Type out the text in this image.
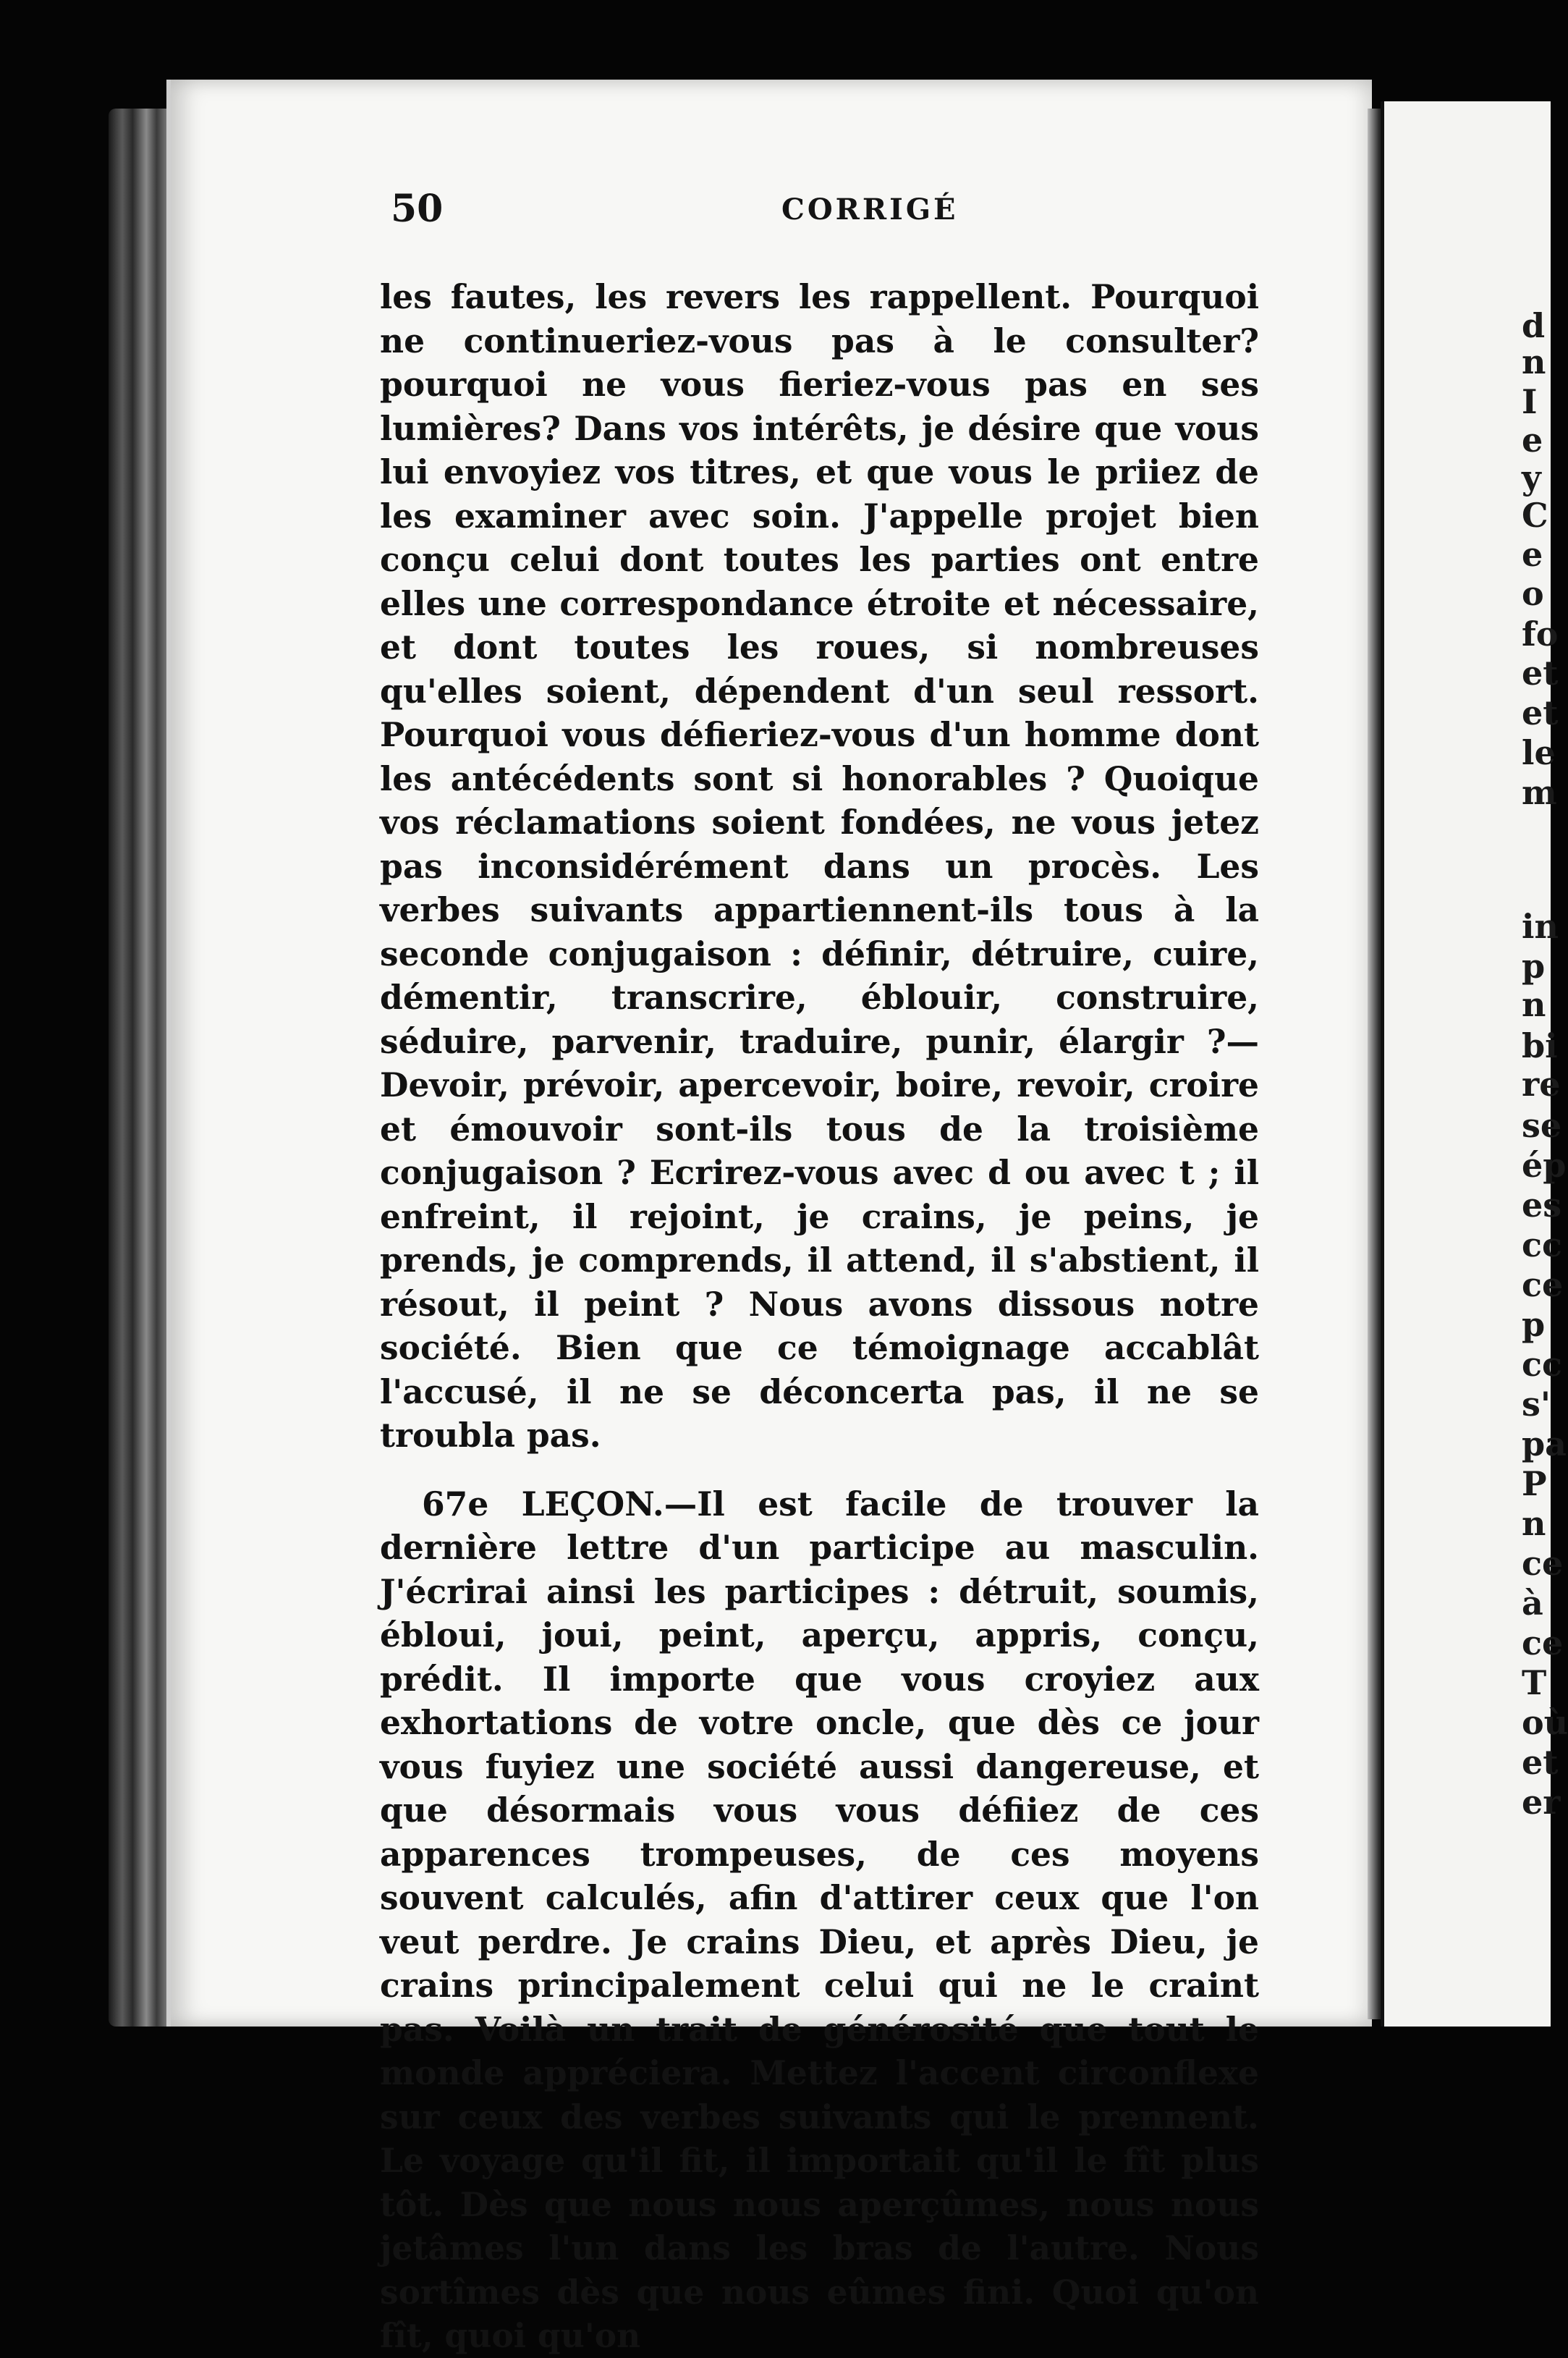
d
n
I
e
y
C
e
o
fo
et
et
le
m
in
p
n
bi
re
se
ép
es
cc
ce
p
cc
s'
pa
P
n
ce
à
ce
T
où
et
er
50	CORRIGÉ

les fautes, les revers les rappellent. Pourquoi ne continueriez-vous pas à le consulter? pourquoi ne vous fieriez-vous pas en ses lumières? Dans vos intérêts, je désire que vous lui envoyiez vos titres, et que vous le priiez de les examiner avec soin. J'appelle projet bien conçu celui dont toutes les parties ont entre elles une correspondance étroite et nécessaire, et dont toutes les roues, si nombreuses qu'elles soient, dépendent d'un seul ressort. Pourquoi vous défieriez-vous d'un homme dont les antécédents sont si honorables ? Quoique vos réclamations soient fondées, ne vous jetez pas inconsidérément dans un procès. Les verbes suivants appartiennent-ils tous à la seconde conjugaison : définir, détruire, cuire, démentir, transcrire, éblouir, construire, séduire, parvenir, traduire, punir, élargir ?—Devoir, prévoir, apercevoir, boire, revoir, croire et émouvoir sont-ils tous de la troisième conjugaison ? Ecrirez-vous avec d ou avec t ; il enfreint, il rejoint, je crains, je peins, je prends, je comprends, il attend, il s'abstient, il résout, il peint ? Nous avons dissous notre société. Bien que ce témoignage accablât l'accusé, il ne se déconcerta pas, il ne se troubla pas.

67e LEÇON.—Il est facile de trouver la dernière lettre d'un participe au masculin. J'écrirai ainsi les participes : détruit, soumis, ébloui, joui, peint, aperçu, appris, conçu, prédit. Il importe que vous croyiez aux exhortations de votre oncle, que dès ce jour vous fuyiez une société aussi dangereuse, et que désormais vous vous défiiez de ces apparences trompeuses, de ces moyens souvent calculés, afin d'attirer ceux que l'on veut perdre. Je crains Dieu, et après Dieu, je crains principalement celui qui ne le craint pas. Voilà un trait de générosité que tout le monde appréciera. Mettez l'accent circonflexe sur ceux des verbes suivants qui le prennent. Le voyage qu'il fit, il importait qu'il le fît plus tôt. Dès que nous nous aperçûmes, nous nous jetâmes l'un dans les bras de l'autre. Nous sortîmes dès que nous eûmes fini. Quoi qu'on fît, quoi qu'on
